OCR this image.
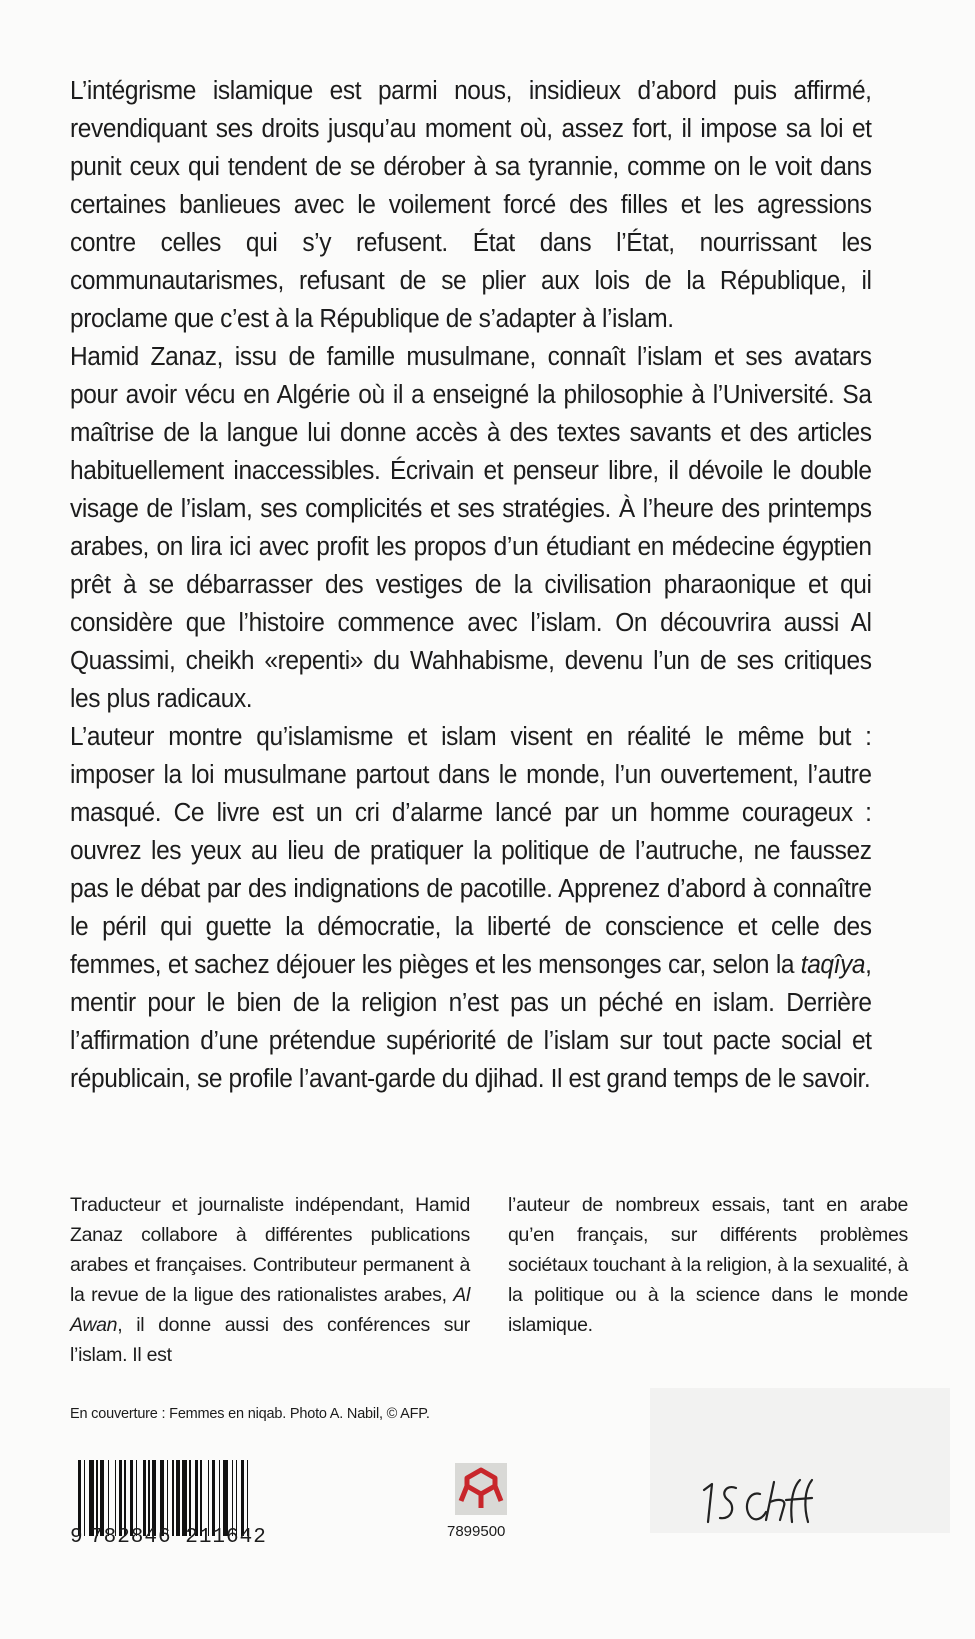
L’intégrisme islamique est parmi nous, insidieux d’abord puis affirmé, revendiquant ses droits jusqu’au moment où, assez fort, il impose sa loi et punit ceux qui tendent de se dérober à sa tyrannie, comme on le voit dans certaines banlieues avec le voilement forcé des filles et les agressions contre celles qui s’y refusent. État dans l’État, nourrissant les communautarismes, refusant de se plier aux lois de la République, il proclame que c’est à la République de s’adapter à l’islam.

Hamid Zanaz, issu de famille musulmane, connaît l’islam et ses avatars pour avoir vécu en Algérie où il a enseigné la philosophie à l’Université. Sa maîtrise de la langue lui donne accès à des textes savants et des articles habituellement inaccessibles. Écrivain et penseur libre, il dévoile le double visage de l’islam, ses complicités et ses stratégies. À l’heure des printemps arabes, on lira ici avec profit les propos d’un étudiant en médecine égyptien prêt à se débarrasser des vestiges de la civilisation pharaonique et qui considère que l’histoire commence avec l’islam. On découvrira aussi Al Quassimi, cheikh «repenti» du Wahhabisme, devenu l’un de ses critiques les plus radicaux.

L’auteur montre qu’islamisme et islam visent en réalité le même but : imposer la loi musulmane partout dans le monde, l’un ouvertement, l’autre masqué. Ce livre est un cri d’alarme lancé par un homme courageux : ouvrez les yeux au lieu de pratiquer la politique de l’autruche, ne faussez pas le débat par des indignations de pacotille. Apprenez d’abord à connaître le péril qui guette la démocratie, la liberté de conscience et celle des femmes, et sachez déjouer les pièges et les mensonges car, selon la taqîya, mentir pour le bien de la religion n’est pas un péché en islam. Derrière l’affirmation d’une prétendue supériorité de l’islam sur tout pacte social et républicain, se profile l’avant-garde du djihad. Il est grand temps de le savoir.

Traducteur et journaliste indépendant, Hamid Zanaz collabore à différentes publications arabes et françaises. Contributeur permanent à la revue de la ligue des rationalistes arabes, Al Awan, il donne aussi des conférences sur l’islam. Il est

l’auteur de nombreux essais, tant en arabe qu’en français, sur différents problèmes sociétaux touchant à la religion, à la sexualité, à la politique ou à la science dans le monde islamique.

En couverture : Femmes en niqab. Photo A. Nabil, © AFP.
9 782846 211642	7899500
